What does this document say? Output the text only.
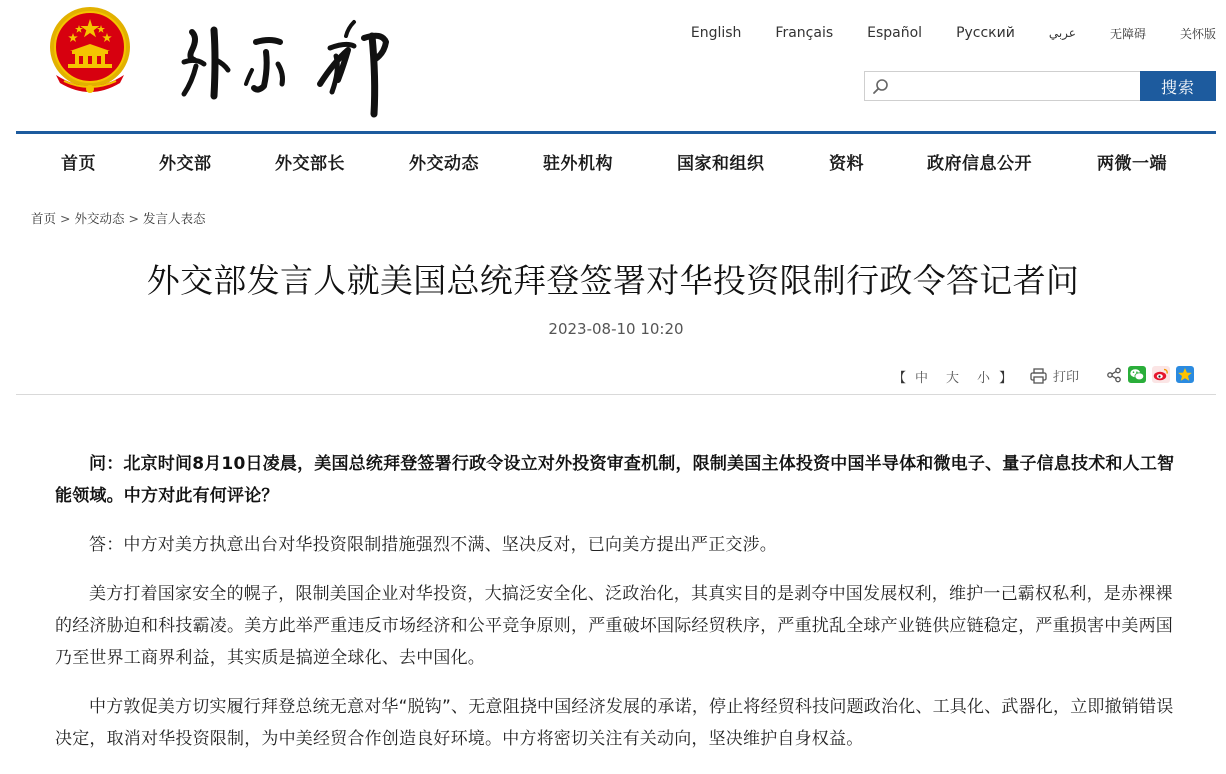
English Français Español Русский	عربي	无障碍	关怀版
搜索
首页	外交部	外交部长	外交动态	驻外机构	国家和组织	资料	政府信息公开	两微一端
首页 > 外交动态 > 发言人表态
外交部发言人就美国总统拜登签署对华投资限制行政令答记者问
2023-08-10 10:20
【 中 大 小 】	打印

问：北京时间8月10日凌晨，美国总统拜登签署行政令设立对外投资审查机制，限制美国主体投资中国半导体和微电子、量子信息技术和人工智能领域。中方对此有何评论？

答：中方对美方执意出台对华投资限制措施强烈不满、坚决反对，已向美方提出严正交涉。

美方打着国家安全的幌子，限制美国企业对华投资，大搞泛安全化、泛政治化，其真实目的是剥夺中国发展权利，维护一己霸权私利，是赤裸裸的经济胁迫和科技霸凌。美方此举严重违反市场经济和公平竞争原则，严重破坏国际经贸秩序，严重扰乱全球产业链供应链稳定，严重损害中美两国乃至世界工商界利益，其实质是搞逆全球化、去中国化。

中方敦促美方切实履行拜登总统无意对华“脱钩”、无意阻挠中国经济发展的承诺，停止将经贸科技问题政治化、工具化、武器化，立即撤销错误决定，取消对华投资限制，为中美经贸合作创造良好环境。中方将密切关注有关动向，坚决维护自身权益。
